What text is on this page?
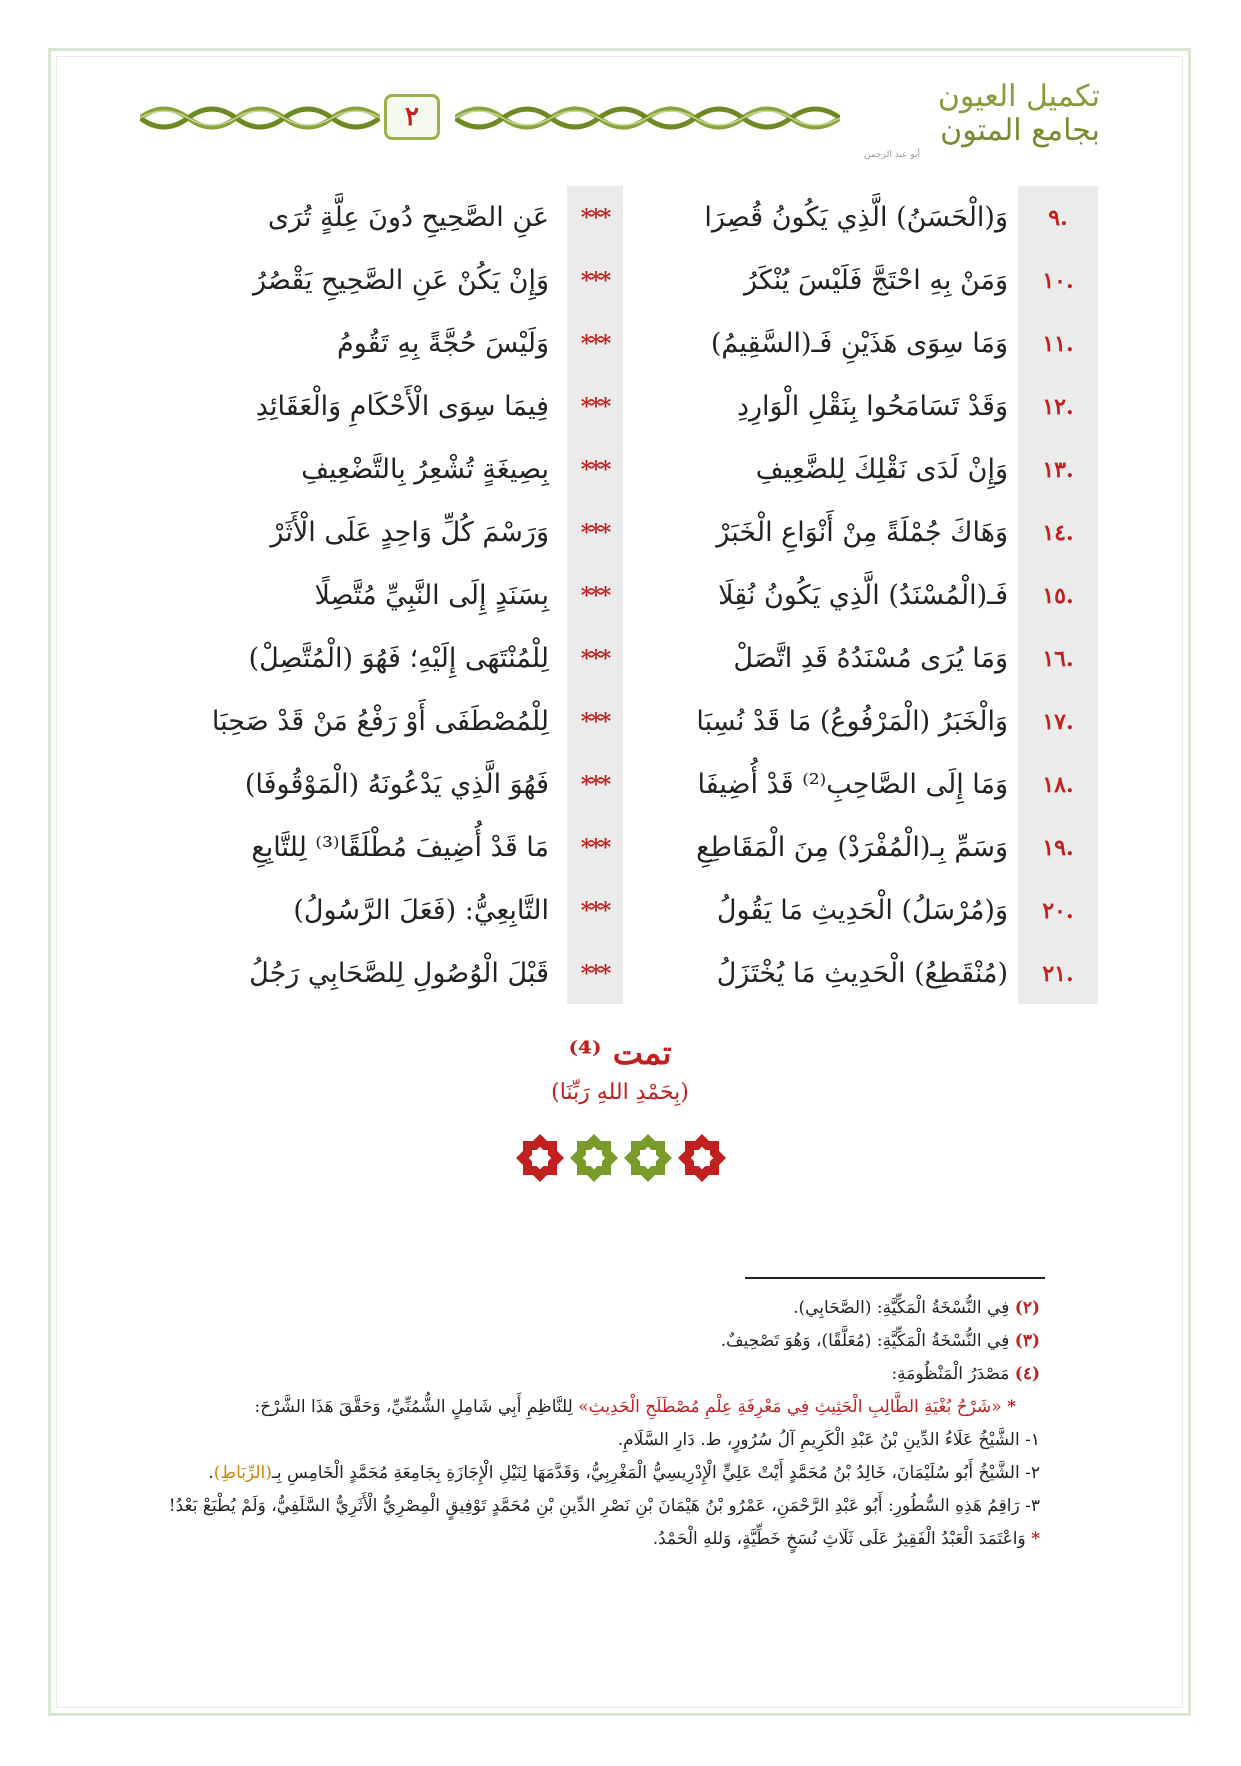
تكميل العيون
بجامع المتون
أبو عبد الرحمن
٢
.٩
وَ(الْحَسَنُ) الَّذِي يَكُونُ قُصِرَا
***
عَنِ الصَّحِيحِ دُونَ عِلَّةٍ تُرَى
.١٠
وَمَنْ بِهِ احْتَجَّ فَلَيْسَ يُنْكَرُ
***
وَإِنْ يَكُنْ عَنِ الصَّحِيحِ يَقْصُرُ
.١١
وَمَا سِوَى هَذَيْنِ فَـ(السَّقِيمُ)
***
وَلَيْسَ حُجَّةً بِهِ تَقُومُ
.١٢
وَقَدْ تَسَامَحُوا بِنَقْلِ الْوَارِدِ
***
فِيمَا سِوَى الْأَحْكَامِ وَالْعَقَائِدِ
.١٣
وَإِنْ لَدَى نَقْلِكَ لِلضَّعِيفِ
***
بِصِيغَةٍ تُشْعِرُ بِالتَّضْعِيفِ
.١٤
وَهَاكَ جُمْلَةً مِنْ أَنْوَاعِ الْخَبَرْ
***
وَرَسْمَ كُلِّ وَاحِدٍ عَلَى الْأَثَرْ
.١٥
فَـ(الْمُسْنَدُ) الَّذِي يَكُونُ نُقِلَا
***
بِسَنَدٍ إِلَى النَّبِيِّ مُتَّصِلًا
.١٦
وَمَا يُرَى مُسْنَدُهُ قَدِ اتَّصَلْ
***
لِلْمُنْتَهَى إِلَيْهِ؛ فَهُوَ (الْمُتَّصِلْ)
.١٧
وَالْخَبَرُ (الْمَرْفُوعُ) مَا قَدْ نُسِبَا
***
لِلْمُصْطَفَى أَوْ رَفْعُ مَنْ قَدْ صَحِبَا
.١٨
وَمَا إِلَى الصَّاحِبِ⁽²⁾ قَدْ أُضِيفَا
***
فَهُوَ الَّذِي يَدْعُونَهُ (الْمَوْقُوفَا)
.١٩
وَسَمِّ بِـ(الْمُفْرَدْ) مِنَ الْمَقَاطِعِ
***
مَا قَدْ أُضِيفَ مُطْلَقًا⁽³⁾ لِلتَّابِعِ
.٢٠
وَ(مُرْسَلُ) الْحَدِيثِ مَا يَقُولُ
***
التَّابِعِيُّ: (فَعَلَ الرَّسُولُ)
.٢١
(مُنْقَطِعُ) الْحَدِيثِ مَا يُخْتَزَلُ
***
قَبْلَ الْوُصُولِ لِلصَّحَابِي رَجُلُ
تمت ⁽⁴⁾
(بِحَمْدِ اللهِ رَبِّنَا)
(٢) فِي النُّسْخَةُ الْمَكِّيَّةِ: (الصَّحَابِي).
(٣) فِي النُّسْخَةُ الْمَكِّيَّةِ: (مُعَلَّقًا)، وَهُوَ تَصْحِيفٌ.
(٤) مَصْدَرُ الْمَنْظُومَةِ:
* «شَرْحُ بُغْيَةِ الطَّالِبِ الْحَثِيثِ فِي مَعْرِفَةِ عِلْمِ مُصْطَلَحِ الْحَدِيثِ» لِلنَّاظِمِ أَبِي شَامِلٍ الشُّمُنِّيِّ، وَحَقَّقَ هَذَا الشَّرْحَ:
١- الشَّيْخُ عَلَاءُ الدِّينِ بْنُ عَبْدِ الْكَرِيمِ آلُ سُرُورٍ، ط. دَارِ السَّلَامِ.
٢- الشَّيْخُ أَبُو سُلَيْمَانَ، خَالِدُ بْنُ مُحَمَّدٍ أَيْتْ عَلِيٍّ الْإِدْرِيسِيُّ الْمَغْرِبِيُّ، وَقَدَّمَهَا لِنَيْلِ الْإِجَازَةِ بِجَامِعَةِ مُحَمَّدٍ الْخَامِسِ بِـ(الرِّبَاطِ).
٣- رَاقِمُ هَذِهِ السُّطُورِ: أَبُو عَبْدِ الرَّحْمَنِ، عَمْرُو بْنُ هَيْمَانَ بْنِ نَصْرِ الدِّينِ بْنِ مُحَمَّدٍ تَوْفِيقٍ الْمِصْرِيُّ الْأَثَرِيُّ السَّلَفِيُّ، وَلَمْ يُطْبَعْ بَعْدُ!
* وَاعْتَمَدَ الْعَبْدُ الْفَقِيرُ عَلَى ثَلَاثِ نُسَخٍ خَطِّيَّةٍ، وَللهِ الْحَمْدُ.
